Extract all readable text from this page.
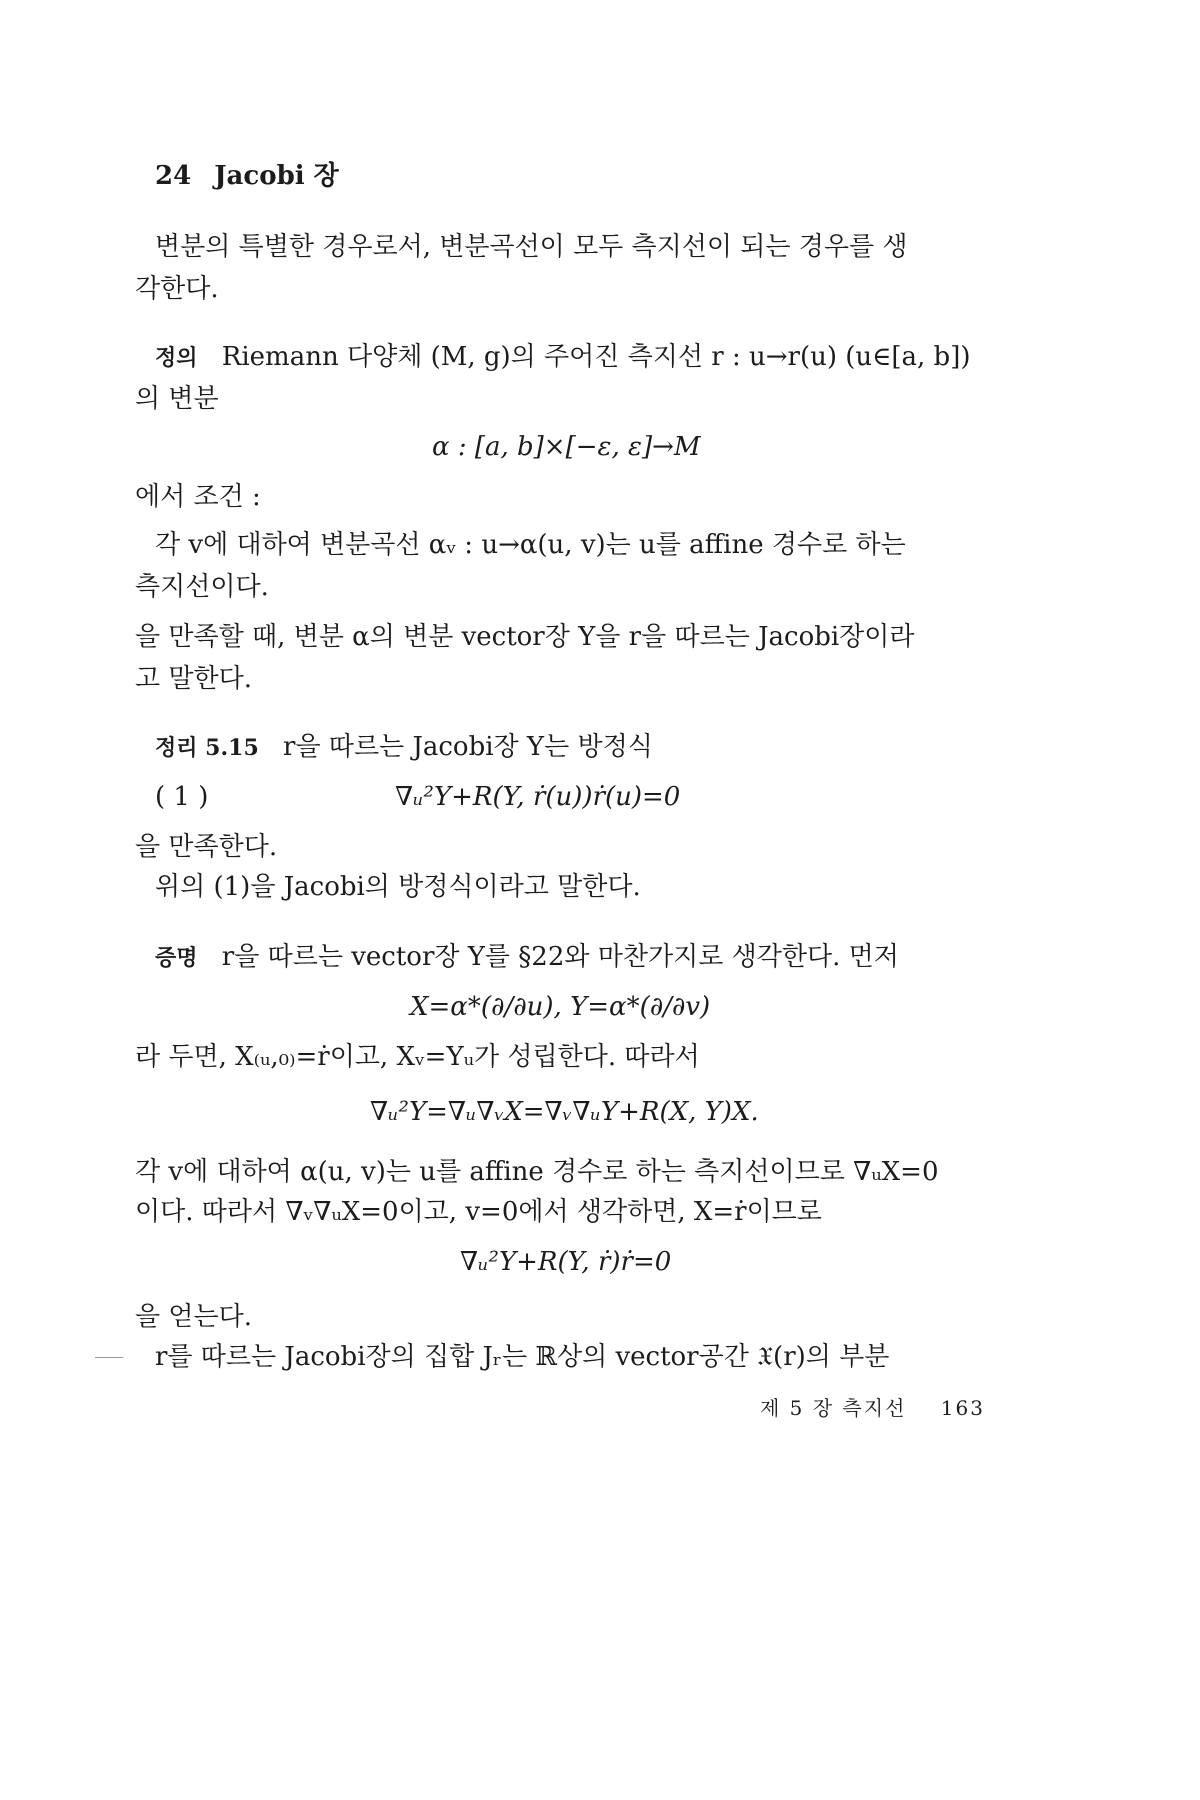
24 Jacobi 장
변분의 특별한 경우로서, 변분곡선이 모두 측지선이 되는 경우를 생
각한다.
정의 Riemann 다양체 (M, g)의 주어진 측지선 r : u→r(u) (u∈[a, b])
의 변분
α : [a, b]×[−ε, ε]→M
에서 조건 :
각 v에 대하여 변분곡선 αᵥ : u→α(u, v)는 u를 affine 경수로 하는
측지선이다.
을 만족할 때, 변분 α의 변분 vector장 Y을 r을 따르는 Jacobi장이라
고 말한다.
정리 5.15 r을 따르는 Jacobi장 Y는 방정식
( 1 )	∇ᵤ²Y+R(Y, ṙ(u))ṙ(u)=0
을 만족한다.
위의 (1)을 Jacobi의 방정식이라고 말한다.
증명 r을 따르는 vector장 Y를 §22와 마찬가지로 생각한다. 먼저
X=α*(∂/∂u), Y=α*(∂/∂v)
라 두면, X₍ᵤ,₀₎=ṙ이고, Xᵥ=Yᵤ가 성립한다. 따라서
∇ᵤ²Y=∇ᵤ∇ᵥX=∇ᵥ∇ᵤY+R(X, Y)X.
각 v에 대하여 α(u, v)는 u를 affine 경수로 하는 측지선이므로 ∇ᵤX=0
이다. 따라서 ∇ᵥ∇ᵤX=0이고, v=0에서 생각하면, X=ṙ이므로
∇ᵤ²Y+R(Y, ṙ)ṙ=0
을 얻는다.
r를 따르는 Jacobi장의 집합 Jᵣ는 ℝ상의 vector공간 𝔛(r)의 부분
제 5 장 측지선 163
